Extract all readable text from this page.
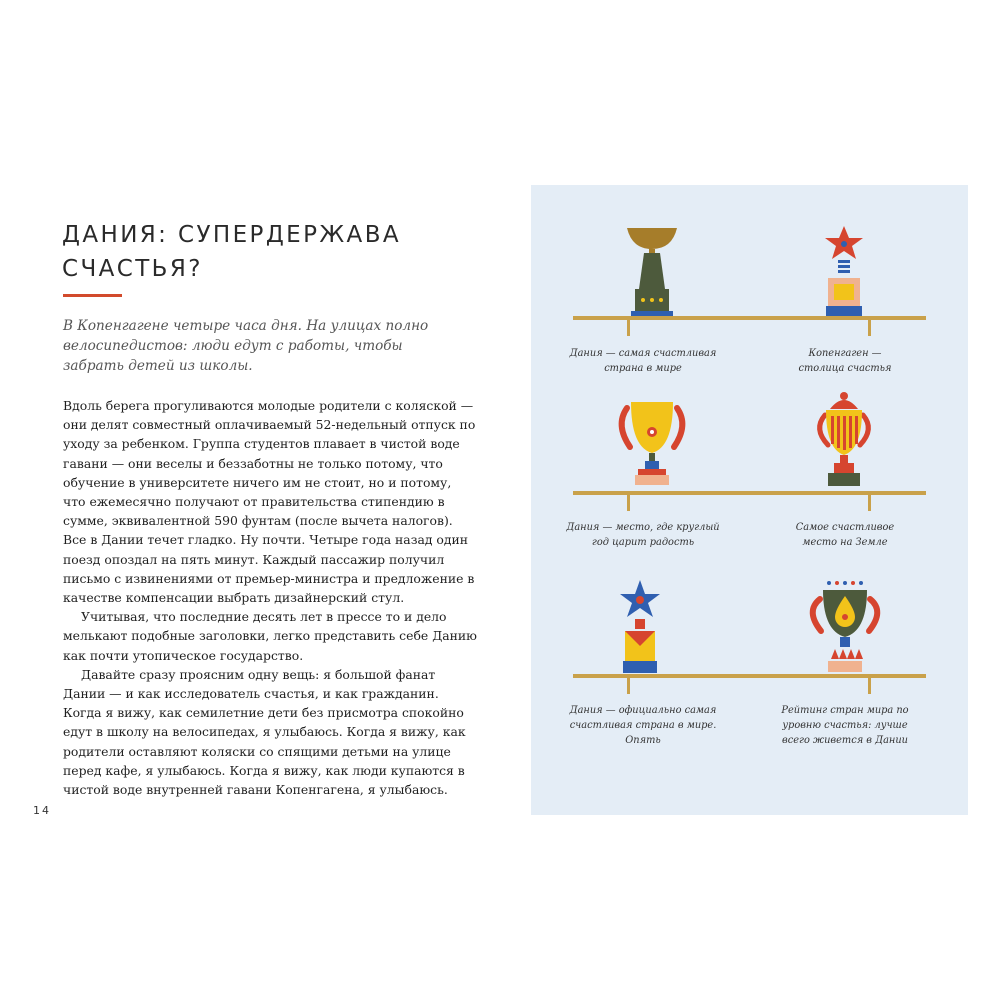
ДАНИЯ: СУПЕРДЕРЖАВА СЧАСТЬЯ?

В Копенгагене четыре часа дня. На улицах полно велосипедистов: люди едут с работы, чтобы забрать детей из школы.

Вдоль берега прогуливаются молодые родители с коляской — они делят совместный оплачиваемый 52-недельный отпуск по уходу за ребенком. Группа студентов плавает в чистой воде гавани — они веселы и беззаботны не только потому, что обучение в университете ничего им не стоит, но и потому, что ежемесячно получают от правительства стипендию в сумме, эквивалентной 590 фунтам (после вычета налогов). Все в Дании течет гладко. Ну почти. Четыре года назад один поезд опоздал на пять минут. Каждый пассажир получил письмо с извинениями от премьер-министра и предложение в качестве компенсации выбрать дизайнерский стул.

Учитывая, что последние десять лет в прессе то и дело мелькают подобные заголовки, легко представить себе Данию как почти утопическое государство.

Давайте сразу проясним одну вещь: я большой фанат Дании — и как исследователь счастья, и как гражданин. Когда я вижу, как семилетние дети без присмотра спокойно едут в школу на велосипедах, я улыбаюсь. Когда я вижу, как родители оставляют коляски со спящими детьми на улице перед кафе, я улыбаюсь. Когда я вижу, как люди купаются в чистой воде внутренней гавани Копенгагена, я улыбаюсь.

14

Дания — самая счастливая страна в мире

Копенгаген — столица счастья

Дания — место, где круглый год царит радость

Самое счастливое место на Земле

Дания — официально самая счастливая страна в мире. Опять

Рейтинг стран мира по уровню счастья: лучше всего живется в Дании
